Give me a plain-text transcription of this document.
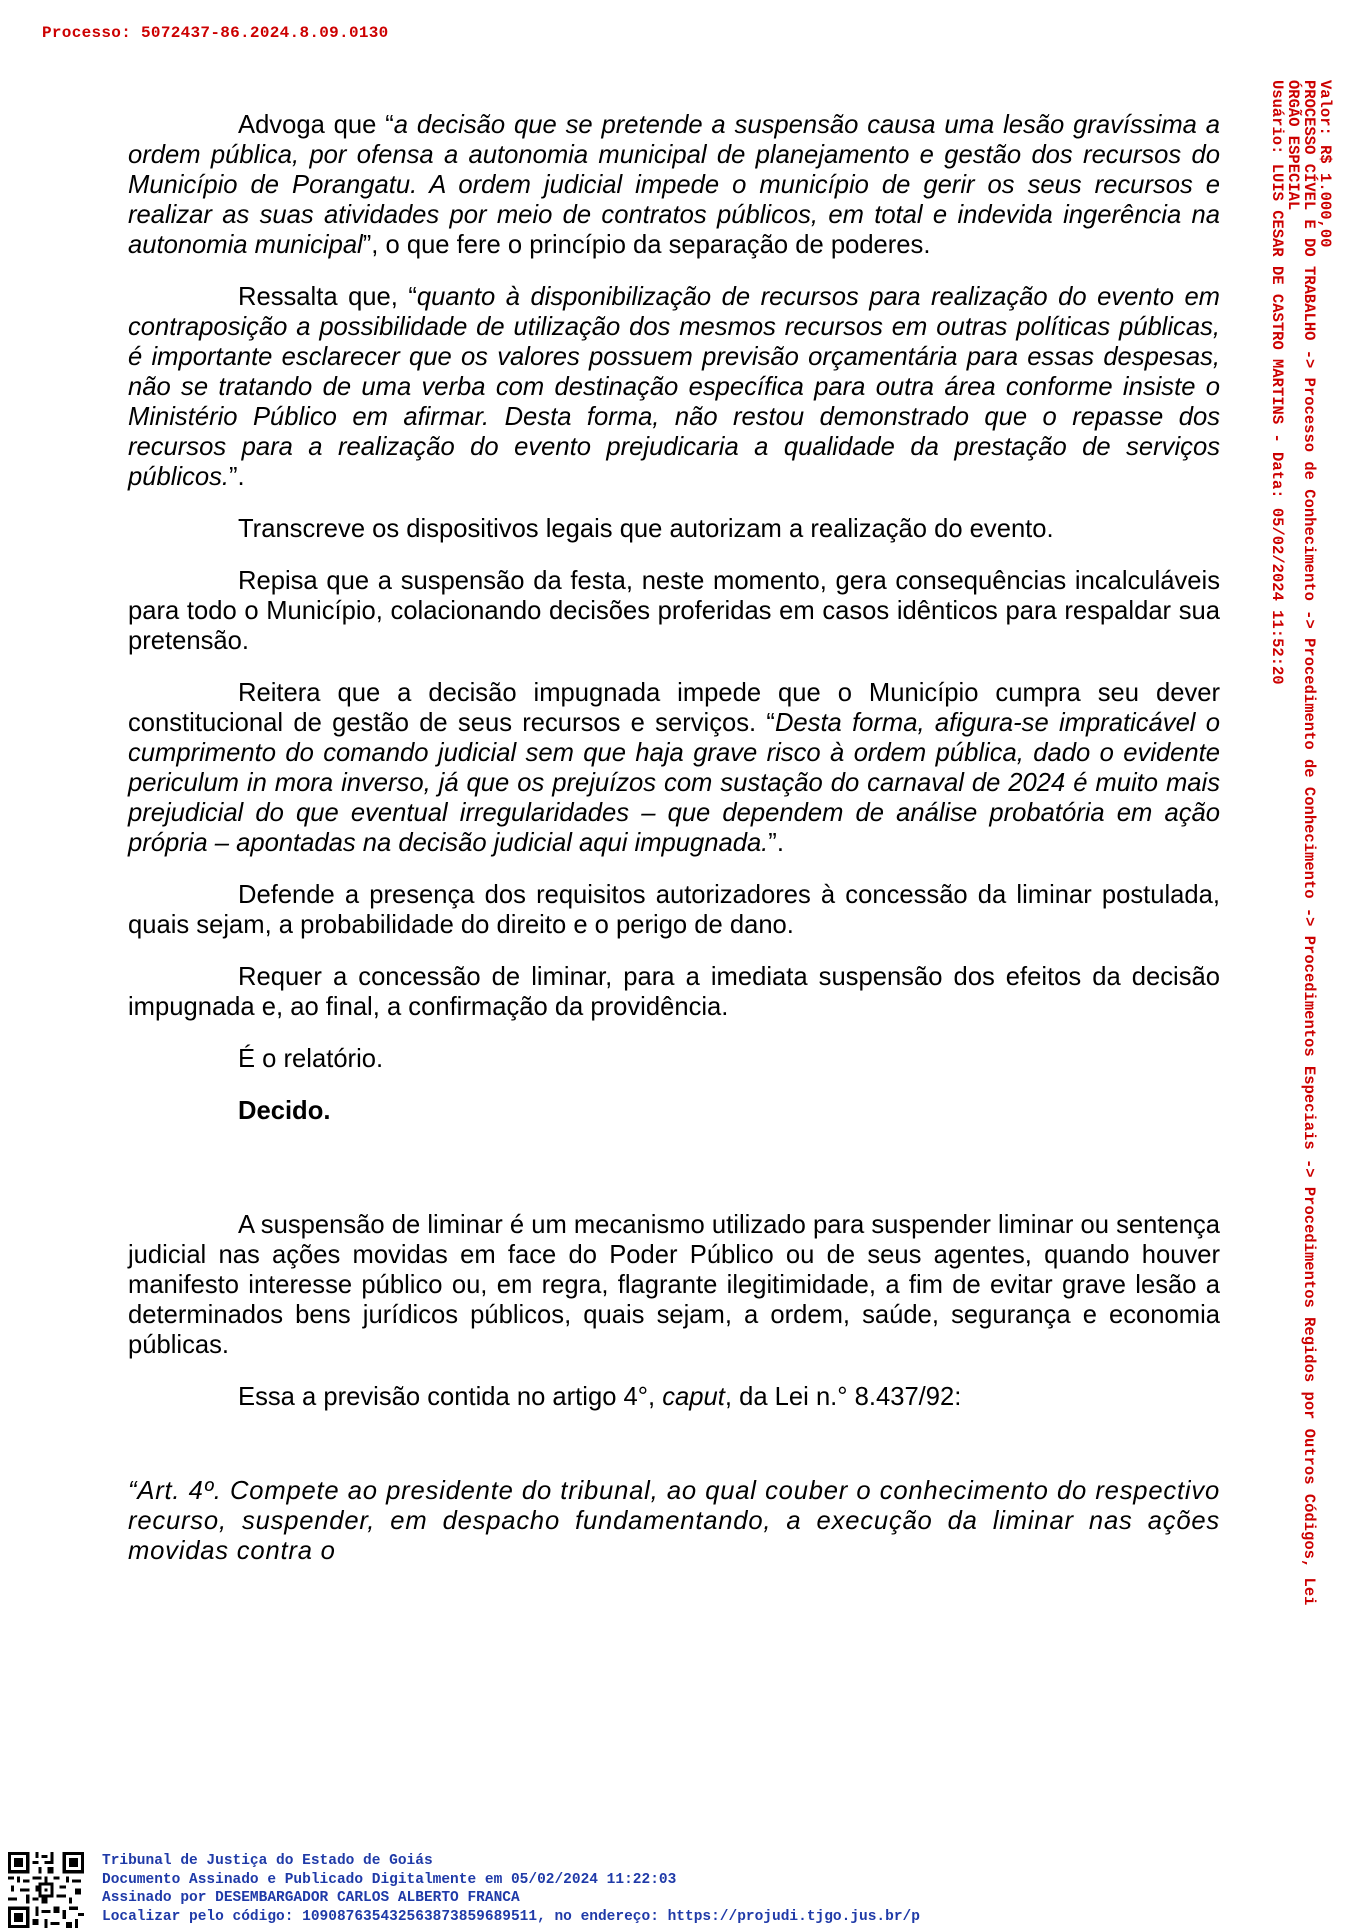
Processo: 5072437-86.2024.8.09.0130
Valor: R$ 1.000,00
PROCESSO CÍVEL E DO TRABALHO -> Processo de Conhecimento -> Procedimento de Conhecimento -> Procedimentos Especiais -> Procedimentos Regidos por Outros Códigos, Lei
ÓRGÃO ESPECIAL
Usuário: LUIS CESAR DE CASTRO MARTINS - Data: 05/02/2024 11:52:20

Advoga que “a decisão que se pretende a suspensão causa uma lesão gravíssima a ordem pública, por ofensa a autonomia municipal de planejamento e gestão dos recursos do Município de Porangatu. A ordem judicial impede o município de gerir os seus recursos e realizar as suas atividades por meio de contratos públicos, em total e indevida ingerência na autonomia municipal”, o que fere o princípio da separação de poderes.

Ressalta que, “quanto à disponibilização de recursos para realização do evento em contraposição a possibilidade de utilização dos mesmos recursos em outras políticas públicas, é importante esclarecer que os valores possuem previsão orçamentária para essas despesas, não se tratando de uma verba com destinação específica para outra área conforme insiste o Ministério Público em afirmar. Desta forma, não restou demonstrado que o repasse dos recursos para a realização do evento prejudicaria a qualidade da prestação de serviços públicos.”.

Transcreve os dispositivos legais que autorizam a realização do evento.

Repisa que a suspensão da festa, neste momento, gera consequências incalculáveis para todo o Município, colacionando decisões proferidas em casos idênticos para respaldar sua pretensão.

Reitera que a decisão impugnada impede que o Município cumpra seu dever constitucional de gestão de seus recursos e serviços. “Desta forma, afigura-se impraticável o cumprimento do comando judicial sem que haja grave risco à ordem pública, dado o evidente periculum in mora inverso, já que os prejuízos com sustação do carnaval de 2024 é muito mais prejudicial do que eventual irregularidades – que dependem de análise probatória em ação própria – apontadas na decisão judicial aqui impugnada.”.

Defende a presença dos requisitos autorizadores à concessão da liminar postulada, quais sejam, a probabilidade do direito e o perigo de dano.

Requer a concessão de liminar, para a imediata suspensão dos efeitos da decisão impugnada e, ao final, a confirmação da providência.

É o relatório.

Decido.

A suspensão de liminar é um mecanismo utilizado para suspender liminar ou sentença judicial nas ações movidas em face do Poder Público ou de seus agentes, quando houver manifesto interesse público ou, em regra, flagrante ilegitimidade, a fim de evitar grave lesão a determinados bens jurídicos públicos, quais sejam, a ordem, saúde, segurança e economia públicas.

Essa a previsão contida no artigo 4°, caput, da Lei n.° 8.437/92:

“Art. 4º. Compete ao presidente do tribunal, ao qual couber o conhecimento do respectivo recurso, suspender, em despacho fundamentando, a execução da liminar nas ações movidas contra o

Tribunal de Justiça do Estado de Goiás
Documento Assinado e Publicado Digitalmente em 05/02/2024 11:22:03
Assinado por DESEMBARGADOR CARLOS ALBERTO FRANCA
Localizar pelo código: 109087635432563873859689511, no endereço: https://projudi.tjgo.jus.br/p
